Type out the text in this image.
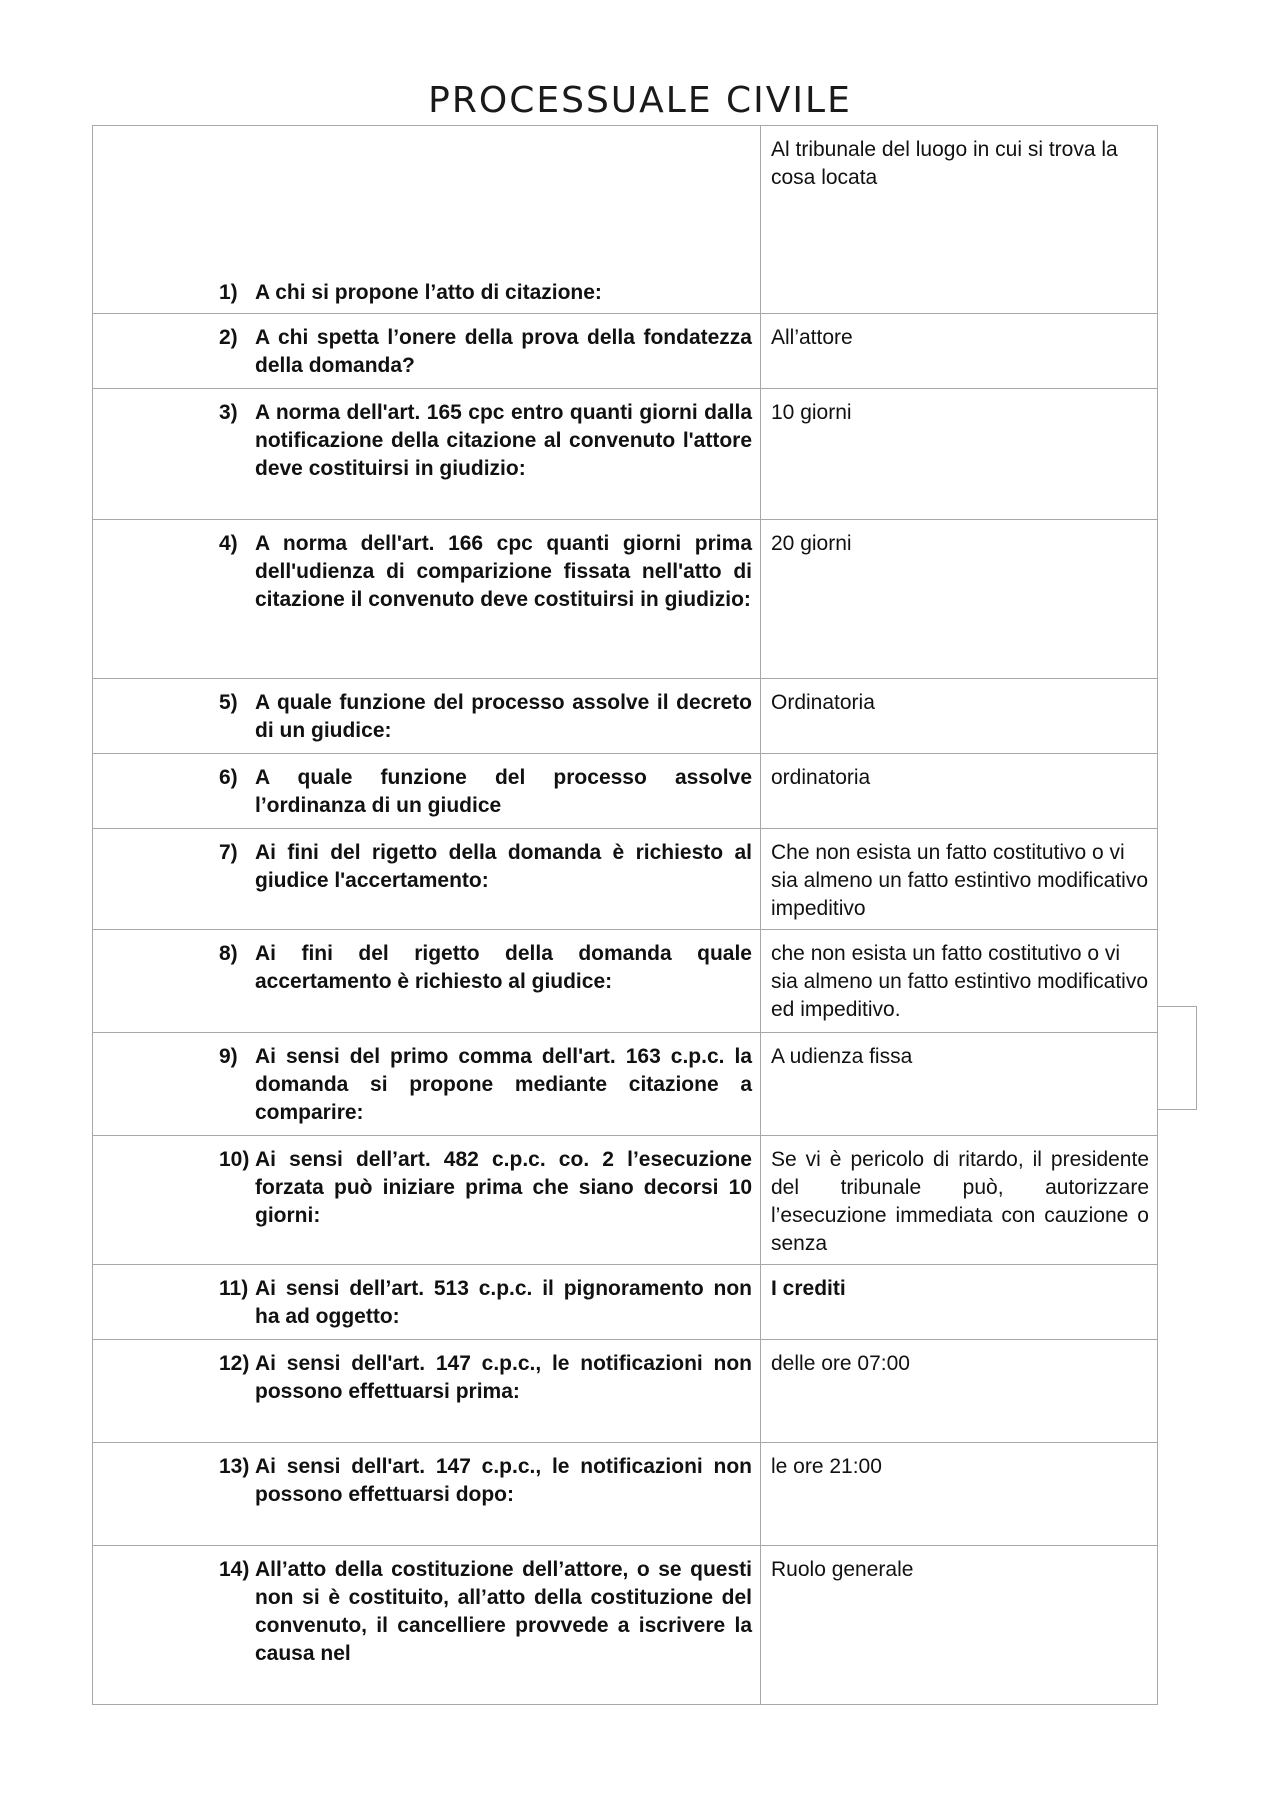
PROCESSUALE CIVILE
1) A chi si propone l’atto di citazione:	Al tribunale del luogo in cui si trova la cosa locata

2) A chi spetta l’onere della prova della fondatezza della domanda?	All’attore

3) A norma dell'art. 165 cpc entro quanti giorni dalla notificazione della citazione al convenuto l'attore deve costituirsi in giudizio:	10 giorni

4) A norma dell'art. 166 cpc quanti giorni prima dell'udienza di comparizione fissata nell'atto di citazione il convenuto deve costituirsi in giudizio:	20 giorni

5) A quale funzione del processo assolve il decreto di un giudice:	Ordinatoria

6) A quale funzione del processo assolve l’ordinanza di un giudice	ordinatoria

7) Ai fini del rigetto della domanda è richiesto al giudice l'accertamento:	Che non esista un fatto costitutivo o vi sia almeno un fatto estintivo modificativo impeditivo

8) Ai fini del rigetto della domanda quale accertamento è richiesto al giudice:	che non esista un fatto costitutivo o vi sia almeno un fatto estintivo modificativo ed impeditivo.

9) Ai sensi del primo comma dell'art. 163 c.p.c. la domanda si propone mediante citazione a comparire:	A udienza fissa

10) Ai sensi dell’art. 482 c.p.c. co. 2 l’esecuzione forzata può iniziare prima che siano decorsi 10 giorni:	Se vi è pericolo di ritardo, il presidente del tribunale può, autorizzare l’esecuzione immediata con cauzione o senza

11) Ai sensi dell’art. 513 c.p.c. il pignoramento non ha ad oggetto:	I crediti

12) Ai sensi dell'art. 147 c.p.c., le notificazioni non possono effettuarsi prima:	delle ore 07:00

13) Ai sensi dell'art. 147 c.p.c., le notificazioni non possono effettuarsi dopo:	le ore 21:00

14) All’atto della costituzione dell’attore, o se questi non si è costituito, all’atto della costituzione del convenuto, il cancelliere provvede a iscrivere la causa nel	Ruolo generale
